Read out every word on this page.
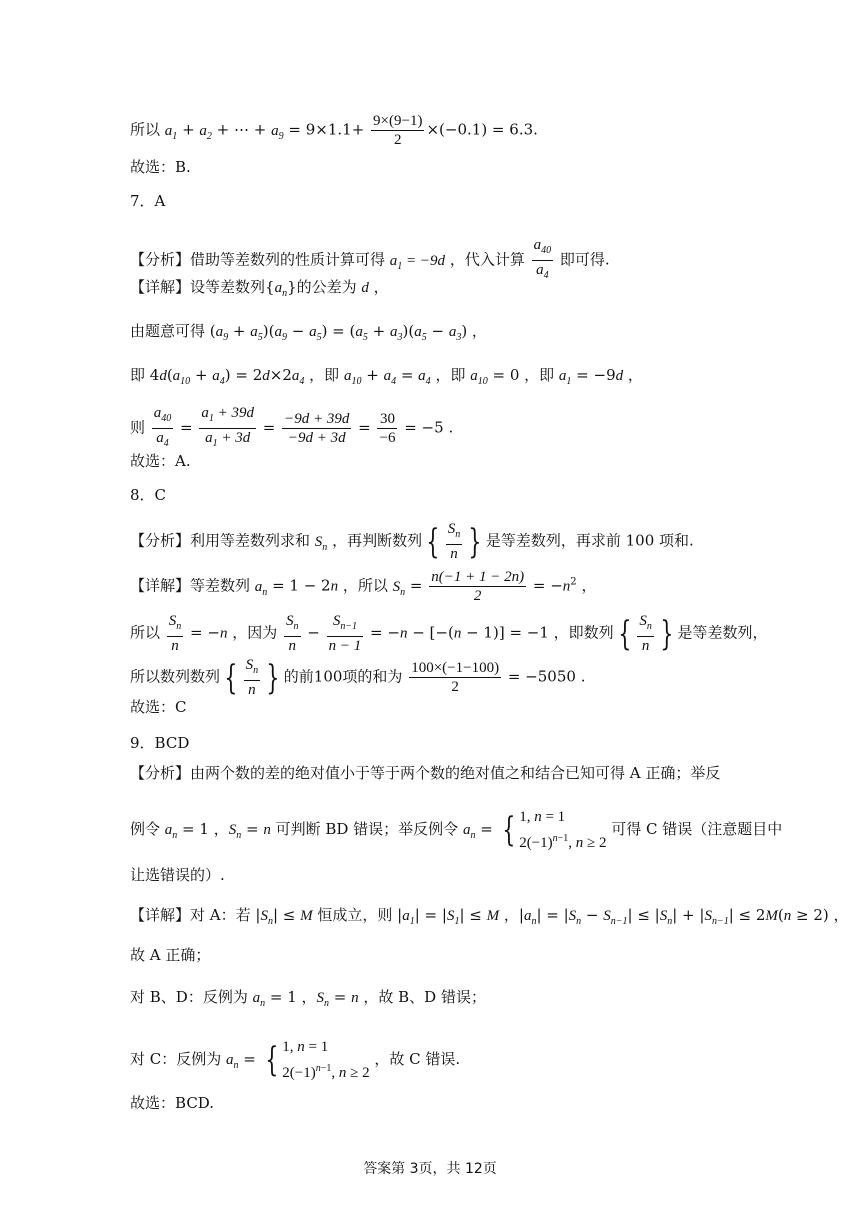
所以 $a_1 + a_2$ + ⋯ + $a_9 = 9\times 1.1+ \frac{9\times(9-1)}{2} \times(-0.1) = 6.3$.
故选：B.
7．A
【分析】借助等差数列的性质计算可得 $a_1 = -9d$ ，代入计算 $\frac{a_{40}}{a_4}$ 即可得.
【详解】设等差数列$\{a_n\}$的公差为 d ，
由题意可得 $(a_9 + a_5)(a_9 - a_5) = (a_5 + a_3)(a_5 - a_3)$ ，
即 $4d(a_{10} + a_4) = 2d\times 2a_4$ ，即 $a_{10} + a_4 = a_4$ ，即 $a_{10} = 0$ ，即 $a_1 = -9d$ ，
则 $\frac{a_{40}}{a_4} = \frac{a_1 + 39d}{a_1 + 3d} = \frac{-9d + 39d}{-9d + 3d} = \frac{30}{-6} = -5$ .
故选：A.
8．C
【分析】利用等差数列求和 $S_n$ ，再判断数列 { $\frac{S_n}{n}$ } 是等差数列，再求前 100 项和.
【详解】等差数列 $a_n = 1 - 2n$ ，所以 $S_n = \frac{n(-1 + 1 - 2n)}{2} = -n^2$ ，
所以 $\frac{S_n}{n} = -n$ ，因为 $\frac{S_n}{n} - \frac{S_{n-1}}{n - 1} = -n - [-(n - 1)] = -1$ ，即数列 { $\frac{S_n}{n}$ } 是等差数列，
所以数列数列 { $\frac{S_n}{n}$ } 的前100项的和为 $\frac{100\times(-1-100)}{2} = -5050$ .
故选：C
9．BCD
【分析】由两个数的差的绝对值小于等于两个数的绝对值之和结合已知可得 A 正确；举反
例令 $a_n = 1$ ，$S_n = n$ 可判断 BD 错误；举反例令 $a_n$ = { 1, n = 1
$2(-1)^{n-1}$, n ≥ 2
可得 C 错误（注意题目中
让选错误的）.
【详解】对 A：若 $|S_n| \le M$ 恒成立，则 $|a_1| = |S_1| \le M$ ，$|a_n| = |S_n - S_{n-1}| \le |S_n| + |S_{n-1}| \le 2M(n \ge 2)$ ，
故 A 正确；
对 B、D：反例为 $a_n = 1$ ，$S_n = n$ ，故 B、D 错误；
对 C：反例为 $a_n$ = { 1, n = 1
$2(-1)^{n-1}$, n ≥ 2
，故 C 错误.
故选：BCD.
答案第 3页，共 12页
